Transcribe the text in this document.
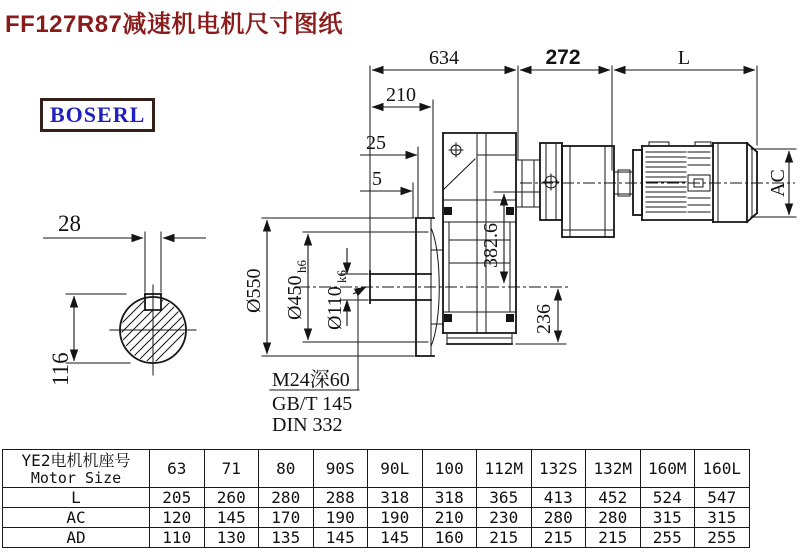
FF127R87减速机电机尺寸图纸
BOSERL
634	272	L
210
25
5	AC
382.6
236
Ø550 Ø450
h6
Ø110
k6
M24深60
GB/T 145
DIN 332
28
116
YE2电机机座号
Motor Size	63	71	80	90S	90L	100	112M	132S	132M	160M	160L
L	205	260	280	288	318	318	365	413	452	524	547
AC	120	145	170	190	190	210	230	280	280	315	315
AD	110	130	135	145	145	160	215	215	215	255	255
